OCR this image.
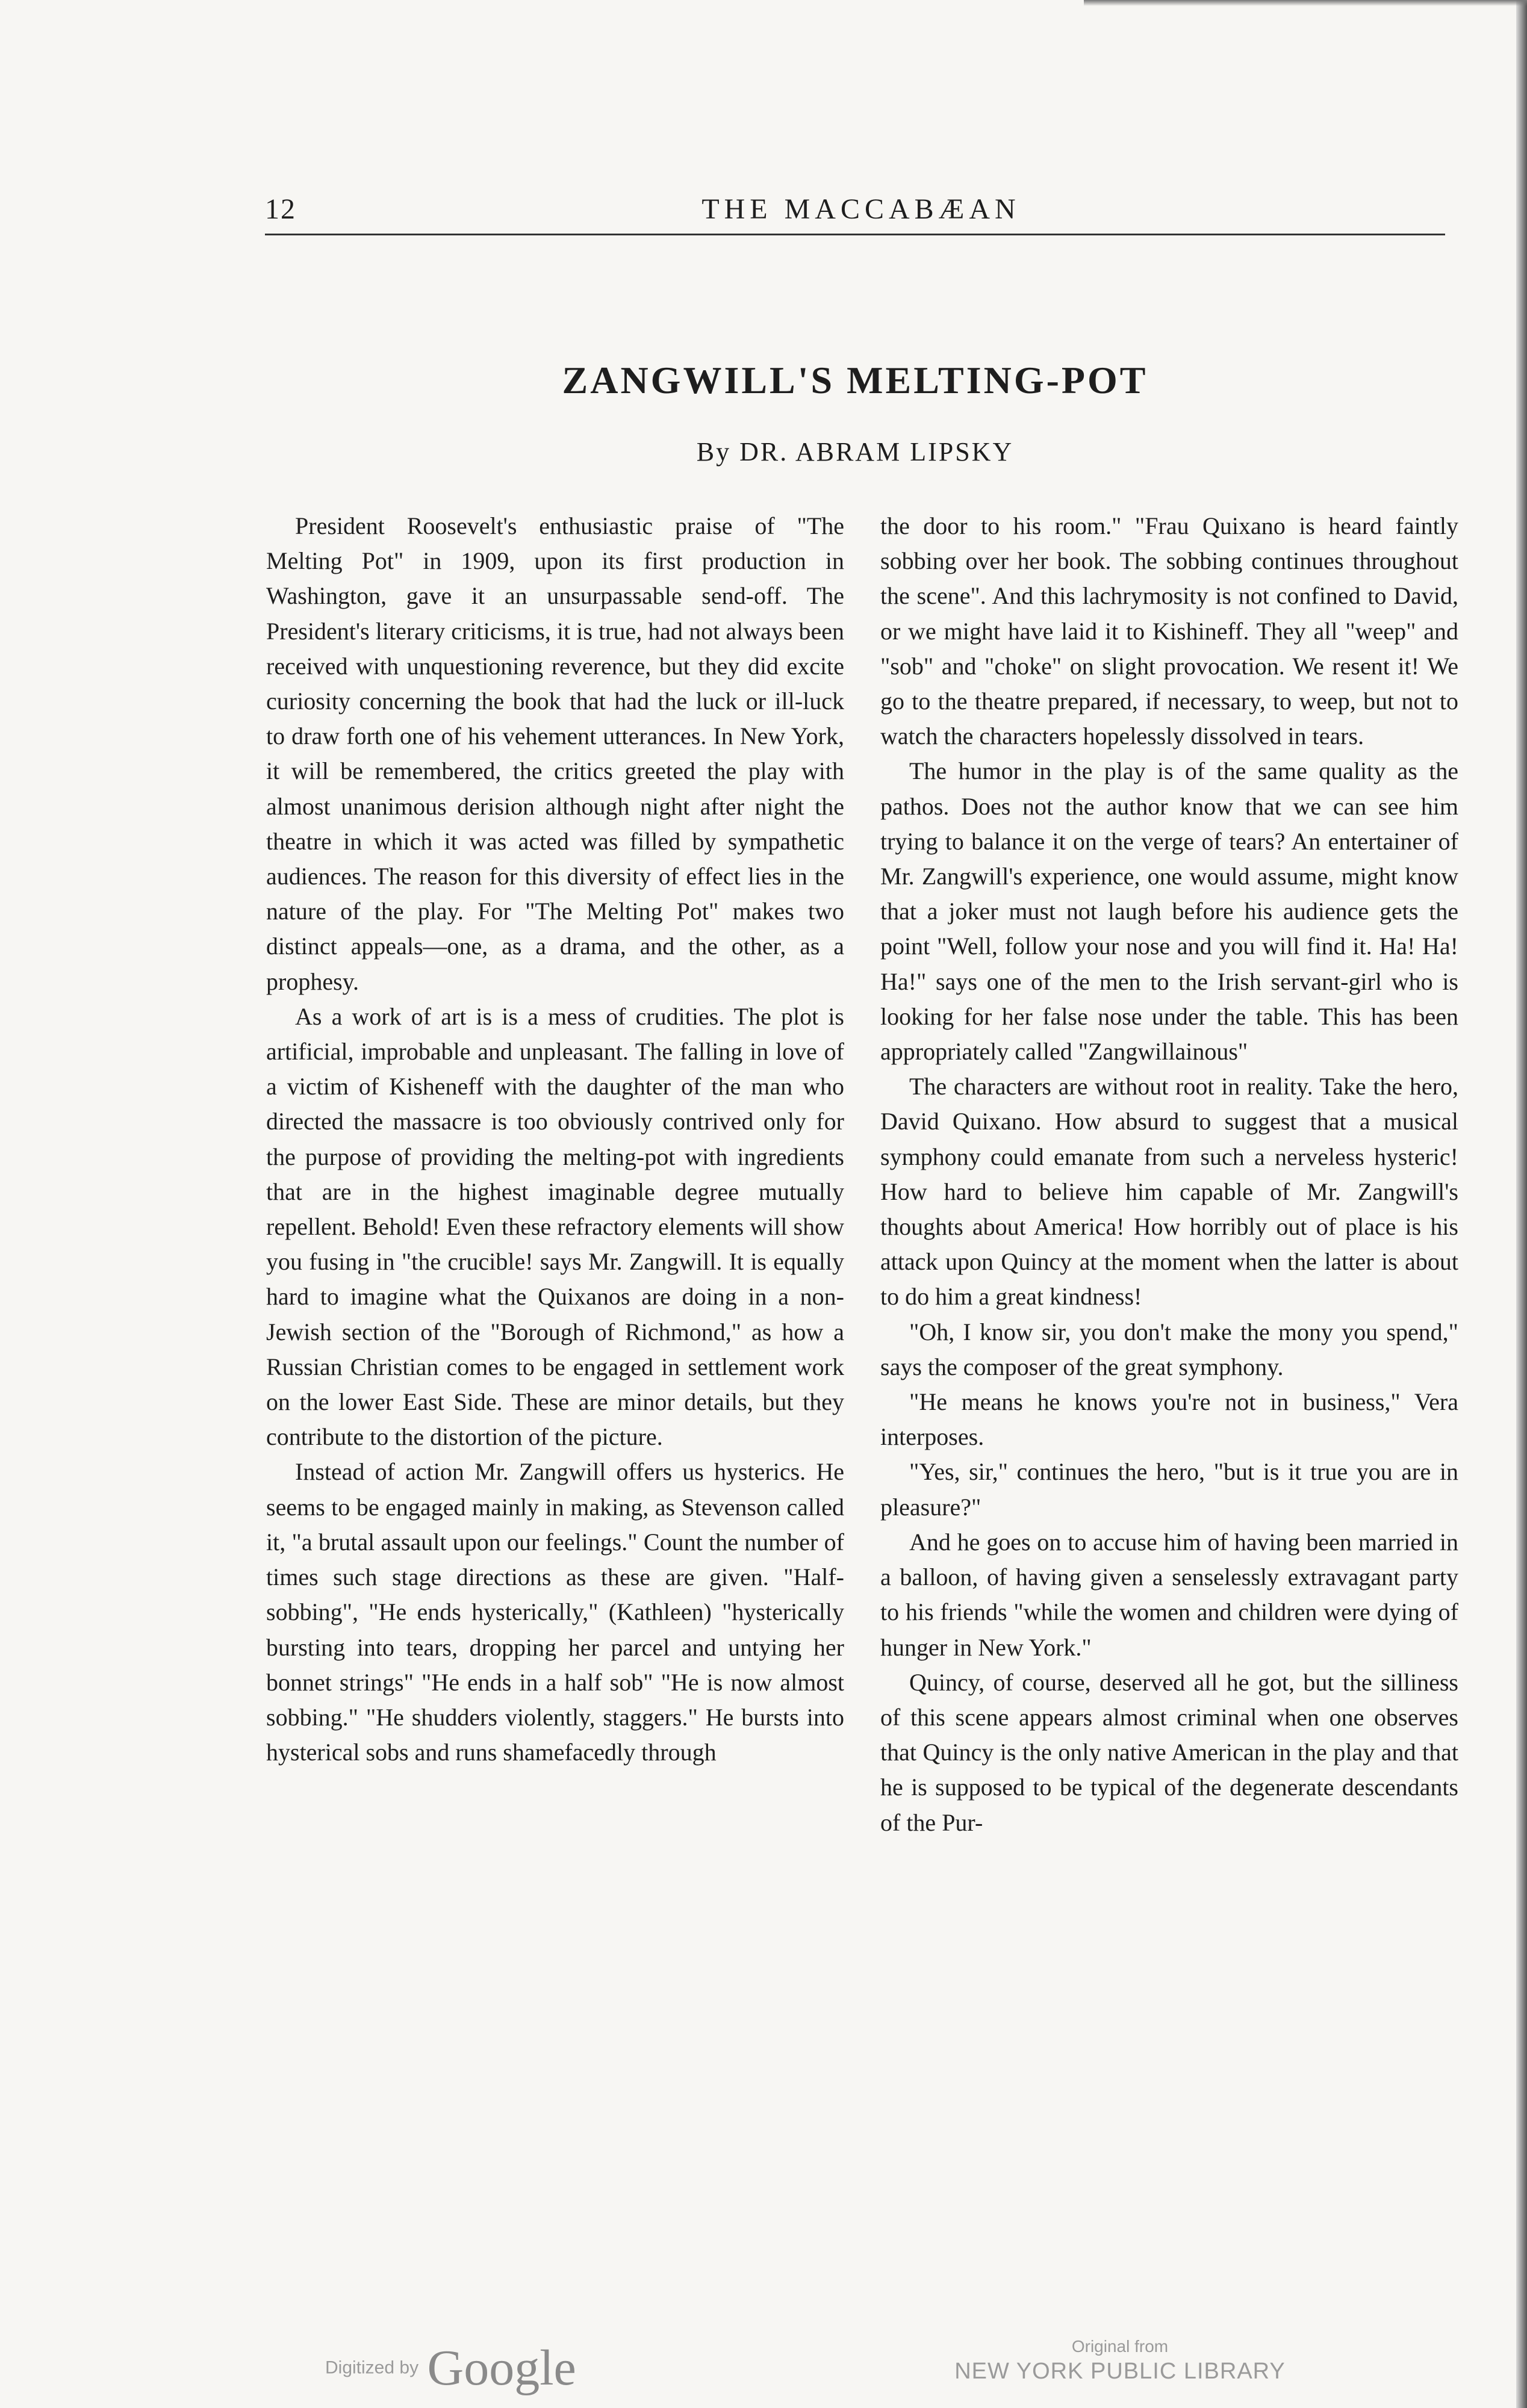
12	THE MACCABÆAN
ZANGWILL'S MELTING-POT
By DR. ABRAM LIPSKY

President Roosevelt's enthusiastic praise of "The Melting Pot" in 1909, upon its first production in Washington, gave it an unsurpassable send-off. The President's literary criticisms, it is true, had not always been received with unquestioning reverence, but they did excite curiosity concerning the book that had the luck or ill-luck to draw forth one of his vehement utterances. In New York, it will be remembered, the critics greeted the play with almost unanimous derision although night after night the theatre in which it was acted was filled by sympathetic audiences. The reason for this diversity of effect lies in the nature of the play. For "The Melting Pot" makes two distinct appeals—one, as a drama, and the other, as a prophesy.

As a work of art is is a mess of crudities. The plot is artificial, improbable and unpleasant. The falling in love of a victim of Kisheneff with the daughter of the man who directed the massacre is too obviously contrived only for the purpose of providing the melting-pot with ingredients that are in the highest imaginable degree mutually repellent. Behold! Even these refractory elements will show you fusing in "the crucible! says Mr. Zangwill. It is equally hard to imagine what the Quixanos are doing in a non-Jewish section of the "Borough of Richmond," as how a Russian Christian comes to be engaged in settlement work on the lower East Side. These are minor details, but they contribute to the distortion of the picture.

Instead of action Mr. Zangwill offers us hysterics. He seems to be engaged mainly in making, as Stevenson called it, "a brutal assault upon our feelings." Count the number of times such stage directions as these are given. "Half-sobbing", "He ends hysterically," (Kathleen) "hysterically bursting into tears, dropping her parcel and untying her bonnet strings" "He ends in a half sob" "He is now almost sobbing." "He shudders violently, staggers." He bursts into hysterical sobs and runs shamefacedly through

the door to his room." "Frau Quixano is heard faintly sobbing over her book. The sobbing continues throughout the scene". And this lachrymosity is not confined to David, or we might have laid it to Kishineff. They all "weep" and "sob" and "choke" on slight provocation. We resent it! We go to the theatre prepared, if necessary, to weep, but not to watch the characters hopelessly dissolved in tears.

The humor in the play is of the same quality as the pathos. Does not the author know that we can see him trying to balance it on the verge of tears? An entertainer of Mr. Zangwill's experience, one would assume, might know that a joker must not laugh before his audience gets the point "Well, follow your nose and you will find it. Ha! Ha! Ha!" says one of the men to the Irish servant-girl who is looking for her false nose under the table. This has been appropriately called "Zangwillainous"

The characters are without root in reality. Take the hero, David Quixano. How absurd to suggest that a musical symphony could emanate from such a nerveless hysteric! How hard to believe him capable of Mr. Zangwill's thoughts about America! How horribly out of place is his attack upon Quincy at the moment when the latter is about to do him a great kindness!

"Oh, I know sir, you don't make the mony you spend," says the composer of the great symphony.

"He means he knows you're not in business," Vera interposes.

"Yes, sir," continues the hero, "but is it true you are in pleasure?"

And he goes on to accuse him of having been married in a balloon, of having given a senselessly extravagant party to his friends "while the women and children were dying of hunger in New York."

Quincy, of course, deserved all he got, but the silliness of this scene appears almost criminal when one observes that Quincy is the only native American in the play and that he is supposed to be typical of the degenerate descendants of the Pur-

Digitized by Google	Original from
NEW YORK PUBLIC LIBRARY
